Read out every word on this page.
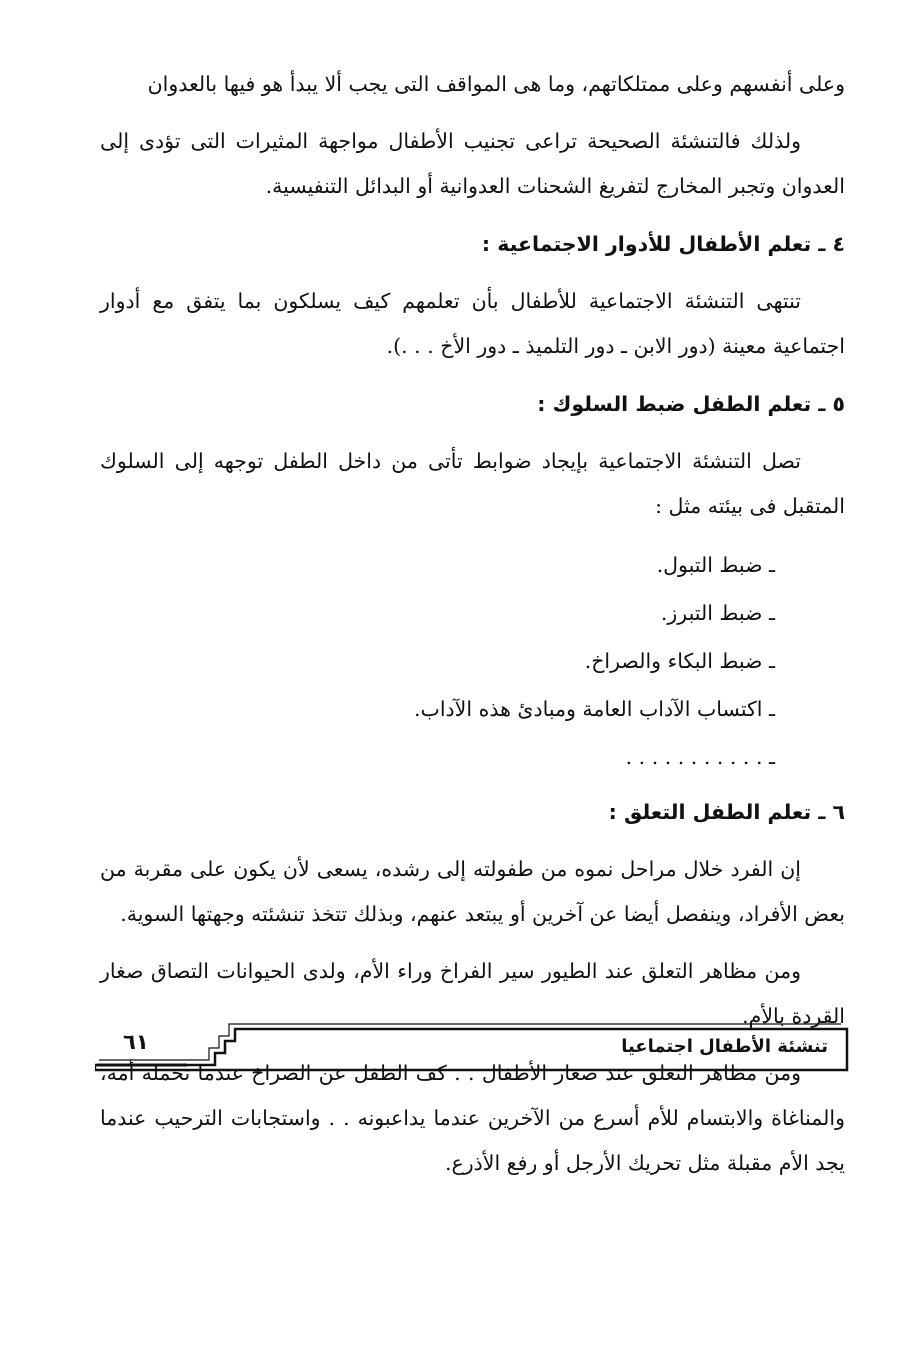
وعلى أنفسهم وعلى ممتلكاتهم، وما هى المواقف التى يجب ألا يبدأ هو فيها بالعدوان

ولذلك فالتنشئة الصحيحة تراعى تجنيب الأطفال مواجهة المثيرات التى تؤدى إلى العدوان وتجبر المخارج لتفريغ الشحنات العدوانية أو البدائل التنفيسية.

٤ ـ تعلم الأطفال للأدوار الاجتماعية :

تنتهى التنشئة الاجتماعية للأطفال بأن تعلمهم كيف يسلكون بما يتفق مع أدوار اجتماعية معينة (دور الابن ـ دور التلميذ ـ دور الأخ . . .).

٥ ـ تعلم الطفل ضبط السلوك :

تصل التنشئة الاجتماعية بإيجاد ضوابط تأتى من داخل الطفل توجهه إلى السلوك المتقبل فى بيئته مثل :

ـ ضبط التبول.
ـ ضبط التبرز.
ـ ضبط البكاء والصراخ.
ـ اكتساب الآداب العامة ومبادئ هذه الآداب.
ـ . . . . . . . . . . .
٦ ـ تعلم الطفل التعلق :

إن الفرد خلال مراحل نموه من طفولته إلى رشده، يسعى لأن يكون على مقربة من بعض الأفراد، وينفصل أيضا عن آخرين أو يبتعد عنهم، وبذلك تتخذ تنشئته وجهتها السوية.

ومن مظاهر التعلق عند الطيور سير الفراخ وراء الأم، ولدى الحيوانات التصاق صغار القردة بالأم.

ومن مظاهر التعلق عند صغار الأطفال . . كف الطفل عن الصراخ عندما تحمله أمه، والمناغاة والابتسام للأم أسرع من الآخرين عندما يداعبونه . . واستجابات الترحيب عندما يجد الأم مقبلة مثل تحريك الأرجل أو رفع الأذرع.

تنشئة الأطفال اجتماعيا
٦١
